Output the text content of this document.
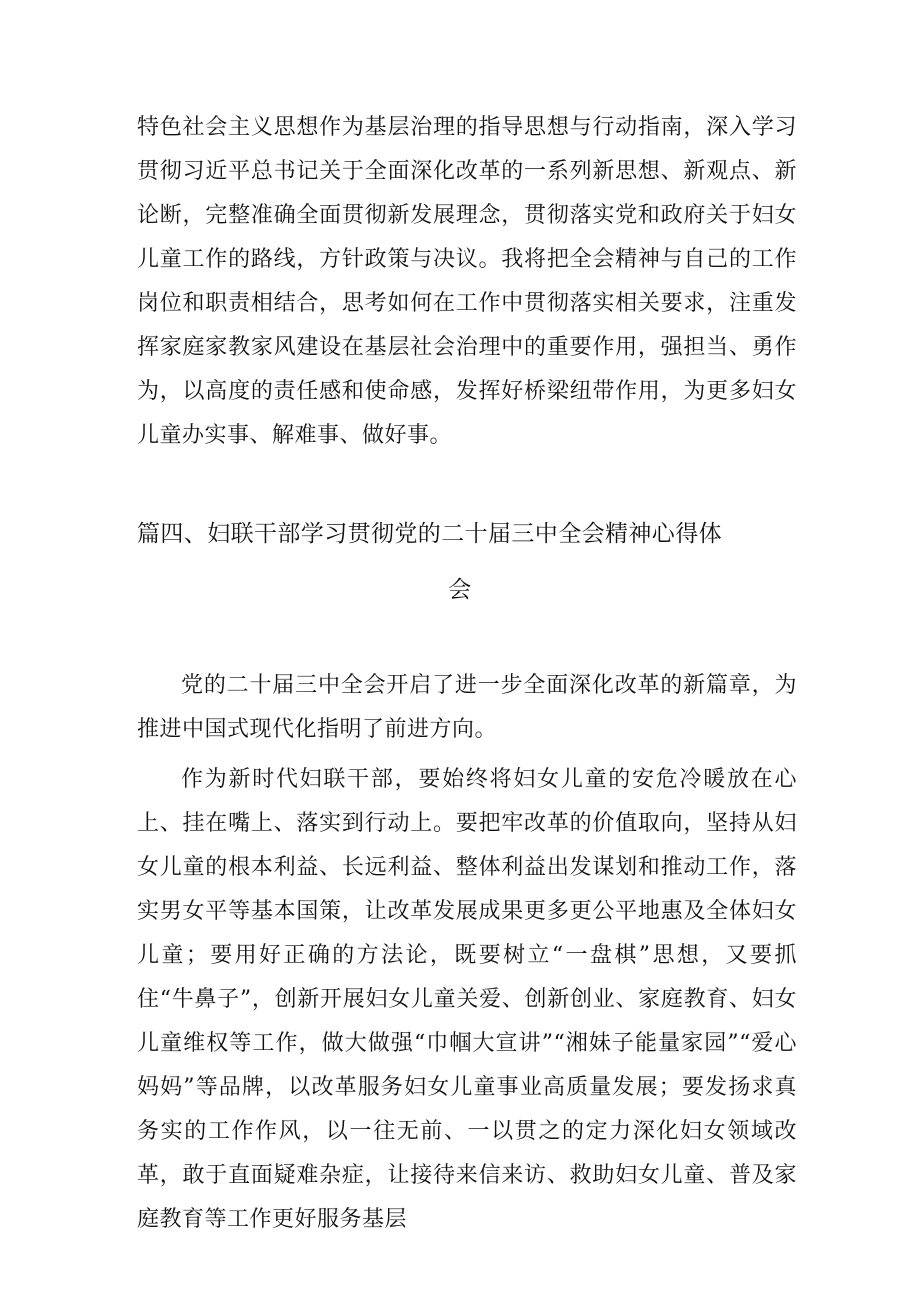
特色社会主义思想作为基层治理的指导思想与行动指南，深入学习贯彻习近平总书记关于全面深化改革的一系列新思想、新观点、新论断，完整准确全面贯彻新发展理念，贯彻落实党和政府关于妇女儿童工作的路线，方针政策与决议。我将把全会精神与自己的工作岗位和职责相结合，思考如何在工作中贯彻落实相关要求，注重发挥家庭家教家风建设在基层社会治理中的重要作用，强担当、勇作为，以高度的责任感和使命感，发挥好桥梁纽带作用，为更多妇女儿童办实事、解难事、做好事。

篇四、妇联干部学习贯彻党的二十届三中全会精神心得体
会

党的二十届三中全会开启了进一步全面深化改革的新篇章，为推进中国式现代化指明了前进方向。

作为新时代妇联干部，要始终将妇女儿童的安危冷暖放在心上、挂在嘴上、落实到行动上。要把牢改革的价值取向，坚持从妇女儿童的根本利益、长远利益、整体利益出发谋划和推动工作，落实男女平等基本国策，让改革发展成果更多更公平地惠及全体妇女儿童；要用好正确的方法论，既要树立“一盘棋”思想，又要抓住“牛鼻子”，创新开展妇女儿童关爱、创新创业、家庭教育、妇女儿童维权等工作，做大做强“巾帼大宣讲”“湘妹子能量家园”“爱心妈妈”等品牌，以改革服务妇女儿童事业高质量发展；要发扬求真务实的工作作风，以一往无前、一以贯之的定力深化妇女领域改革，敢于直面疑难杂症，让接待来信来访、救助妇女儿童、普及家庭教育等工作更好服务基层
